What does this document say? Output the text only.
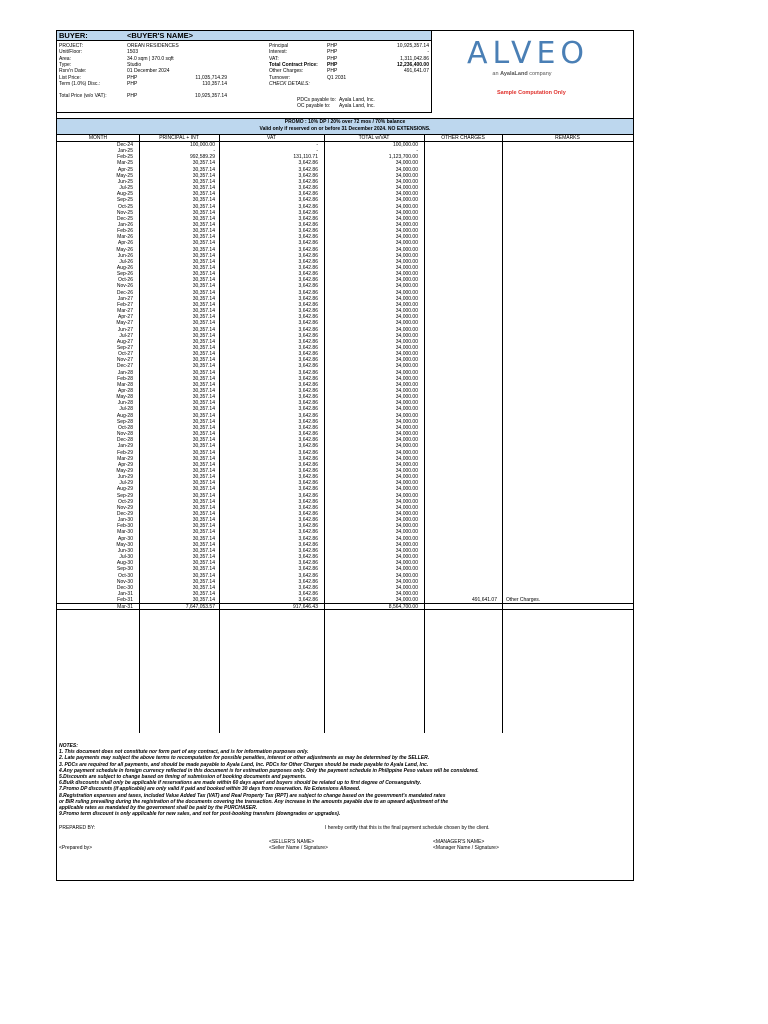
BUYER:	<BUYER'S NAME>
PROJECT:	OREAN RESIDENCES
Unit/Floor:	1503
Area:	34.0 sqm | 370.0 sqft
Type:	Studio
Rsrv'n Date:	01 December 2024
List Price:	PHP	11,035,714.29
Term (1.0%) Disc.:	PHP	110,357.14
Total Price (w/o VAT):	PHP	10,925,357.14
Principal	PHP	10,925,357.14
Interest:	PHP	-
VAT:	PHP	1,311,042.86
Total Contract Price: PHP	12,236,400.00
Other Charges:	PHP	491,641.07
Turnover:	Q1 2031
CHECK DETAILS:
PDCs payable to: Ayala Land, Inc.
OC payable to: Ayala Land, Inc.
ALVEO
an AyalaLand company
Sample Computation Only
PROMO : 10% DP / 20% over 72 mos / 70% balance
Valid only if reserved on or before 31 December 2024. NO EXTENSIONS.
MONTH	PRINCIPAL + INT	VAT	TOTAL w/VAT	OTHER CHARGES	REMARKS
Dec-24	100,000.00	-	100,000.00
Jan-25	-	-	-
Feb-25	992,589.29	131,110.71	1,123,700.00
Mar-25	30,357.14	3,642.86	34,000.00
Apr-25	30,357.14	3,642.86	34,000.00
May-25	30,357.14	3,642.86	34,000.00
Jun-25	30,357.14	3,642.86	34,000.00
Jul-25	30,357.14	3,642.86	34,000.00
Aug-25	30,357.14	3,642.86	34,000.00
Sep-25	30,357.14	3,642.86	34,000.00
Oct-25	30,357.14	3,642.86	34,000.00
Nov-25	30,357.14	3,642.86	34,000.00
Dec-25	30,357.14	3,642.86	34,000.00
Jan-26	30,357.14	3,642.86	34,000.00
Feb-26	30,357.14	3,642.86	34,000.00
Mar-26	30,357.14	3,642.86	34,000.00
Apr-26	30,357.14	3,642.86	34,000.00
May-26	30,357.14	3,642.86	34,000.00
Jun-26	30,357.14	3,642.86	34,000.00
Jul-26	30,357.14	3,642.86	34,000.00
Aug-26	30,357.14	3,642.86	34,000.00
Sep-26	30,357.14	3,642.86	34,000.00
Oct-26	30,357.14	3,642.86	34,000.00
Nov-26	30,357.14	3,642.86	34,000.00
Dec-26	30,357.14	3,642.86	34,000.00
Jan-27	30,357.14	3,642.86	34,000.00
Feb-27	30,357.14	3,642.86	34,000.00
Mar-27	30,357.14	3,642.86	34,000.00
Apr-27	30,357.14	3,642.86	34,000.00
May-27	30,357.14	3,642.86	34,000.00
Jun-27	30,357.14	3,642.86	34,000.00
Jul-27	30,357.14	3,642.86	34,000.00
Aug-27	30,357.14	3,642.86	34,000.00
Sep-27	30,357.14	3,642.86	34,000.00
Oct-27	30,357.14	3,642.86	34,000.00
Nov-27	30,357.14	3,642.86	34,000.00
Dec-27	30,357.14	3,642.86	34,000.00
Jan-28	30,357.14	3,642.86	34,000.00
Feb-28	30,357.14	3,642.86	34,000.00
Mar-28	30,357.14	3,642.86	34,000.00
Apr-28	30,357.14	3,642.86	34,000.00
May-28	30,357.14	3,642.86	34,000.00
Jun-28	30,357.14	3,642.86	34,000.00
Jul-28	30,357.14	3,642.86	34,000.00
Aug-28	30,357.14	3,642.86	34,000.00
Sep-28	30,357.14	3,642.86	34,000.00
Oct-28	30,357.14	3,642.86	34,000.00
Nov-28	30,357.14	3,642.86	34,000.00
Dec-28	30,357.14	3,642.86	34,000.00
Jan-29	30,357.14	3,642.86	34,000.00
Feb-29	30,357.14	3,642.86	34,000.00
Mar-29	30,357.14	3,642.86	34,000.00
Apr-29	30,357.14	3,642.86	34,000.00
May-29	30,357.14	3,642.86	34,000.00
Jun-29	30,357.14	3,642.86	34,000.00
Jul-29	30,357.14	3,642.86	34,000.00
Aug-29	30,357.14	3,642.86	34,000.00
Sep-29	30,357.14	3,642.86	34,000.00
Oct-29	30,357.14	3,642.86	34,000.00
Nov-29	30,357.14	3,642.86	34,000.00
Dec-29	30,357.14	3,642.86	34,000.00
Jan-30	30,357.14	3,642.86	34,000.00
Feb-30	30,357.14	3,642.86	34,000.00
Mar-30	30,357.14	3,642.86	34,000.00
Apr-30	30,357.14	3,642.86	34,000.00
May-30	30,357.14	3,642.86	34,000.00
Jun-30	30,357.14	3,642.86	34,000.00
Jul-30	30,357.14	3,642.86	34,000.00
Aug-30	30,357.14	3,642.86	34,000.00
Sep-30	30,357.14	3,642.86	34,000.00
Oct-30	30,357.14	3,642.86	34,000.00
Nov-30	30,357.14	3,642.86	34,000.00
Dec-30	30,357.14	3,642.86	34,000.00
Jan-31	30,357.14	3,642.86	34,000.00
Feb-31	30,357.14	3,642.86	34,000.00	491,641.07 Other Charges.
Mar-31	7,647,053.57	917,646.43	8,564,700.00
NOTES:
1. This document does not constitute nor form part of any contract, and is for information purposes only.
2. Late payments may subject the above terms to recomputation for possible penalties, interest or other adjustments as may be determined by the SELLER.
3. PDCs are required for all payments, and should be made payable to Ayala Land, Inc. PDCs for Other Charges should be made payable to Ayala Land, Inc.
4.Any payment schedule in foreign currency reflected in this document is for estimation purposes only. Only the payment schedule in Philippine Peso values will be considered.
5.Discounts are subject to change based on timing of submission of booking documents and payments.
6.Bulk discounts shall only be applicable if reservations are made within 60 days apart and buyers should be related up to first degree of Consanguinity.
7.Promo DP discounts (if applicable) are only valid if paid and booked within 30 days from reservation. No Extensions Allowed.
8.Registration expenses and taxes, included Value Added Tax (VAT) and Real Property Tax (RPT) are subject to change based on the government's mandated rates
or BIR ruling prevailing during the registration of the documents covering the transaction. Any increase in the amounts payable due to an upward adjustment of the
applicable rates as mandated by the government shall be paid by the PURCHASER.
9.Promo term discount is only applicable for new sales, and not for post-booking transfers (downgrades or upgrades).
PREPARED BY:	I hereby certify that this is the final payment schedule chosen by the client.
<SELLER'S NAME>
<Seller Name / Signature>
<MANAGER'S NAME>
<Manager Name / Signature>
<Prepared by>
